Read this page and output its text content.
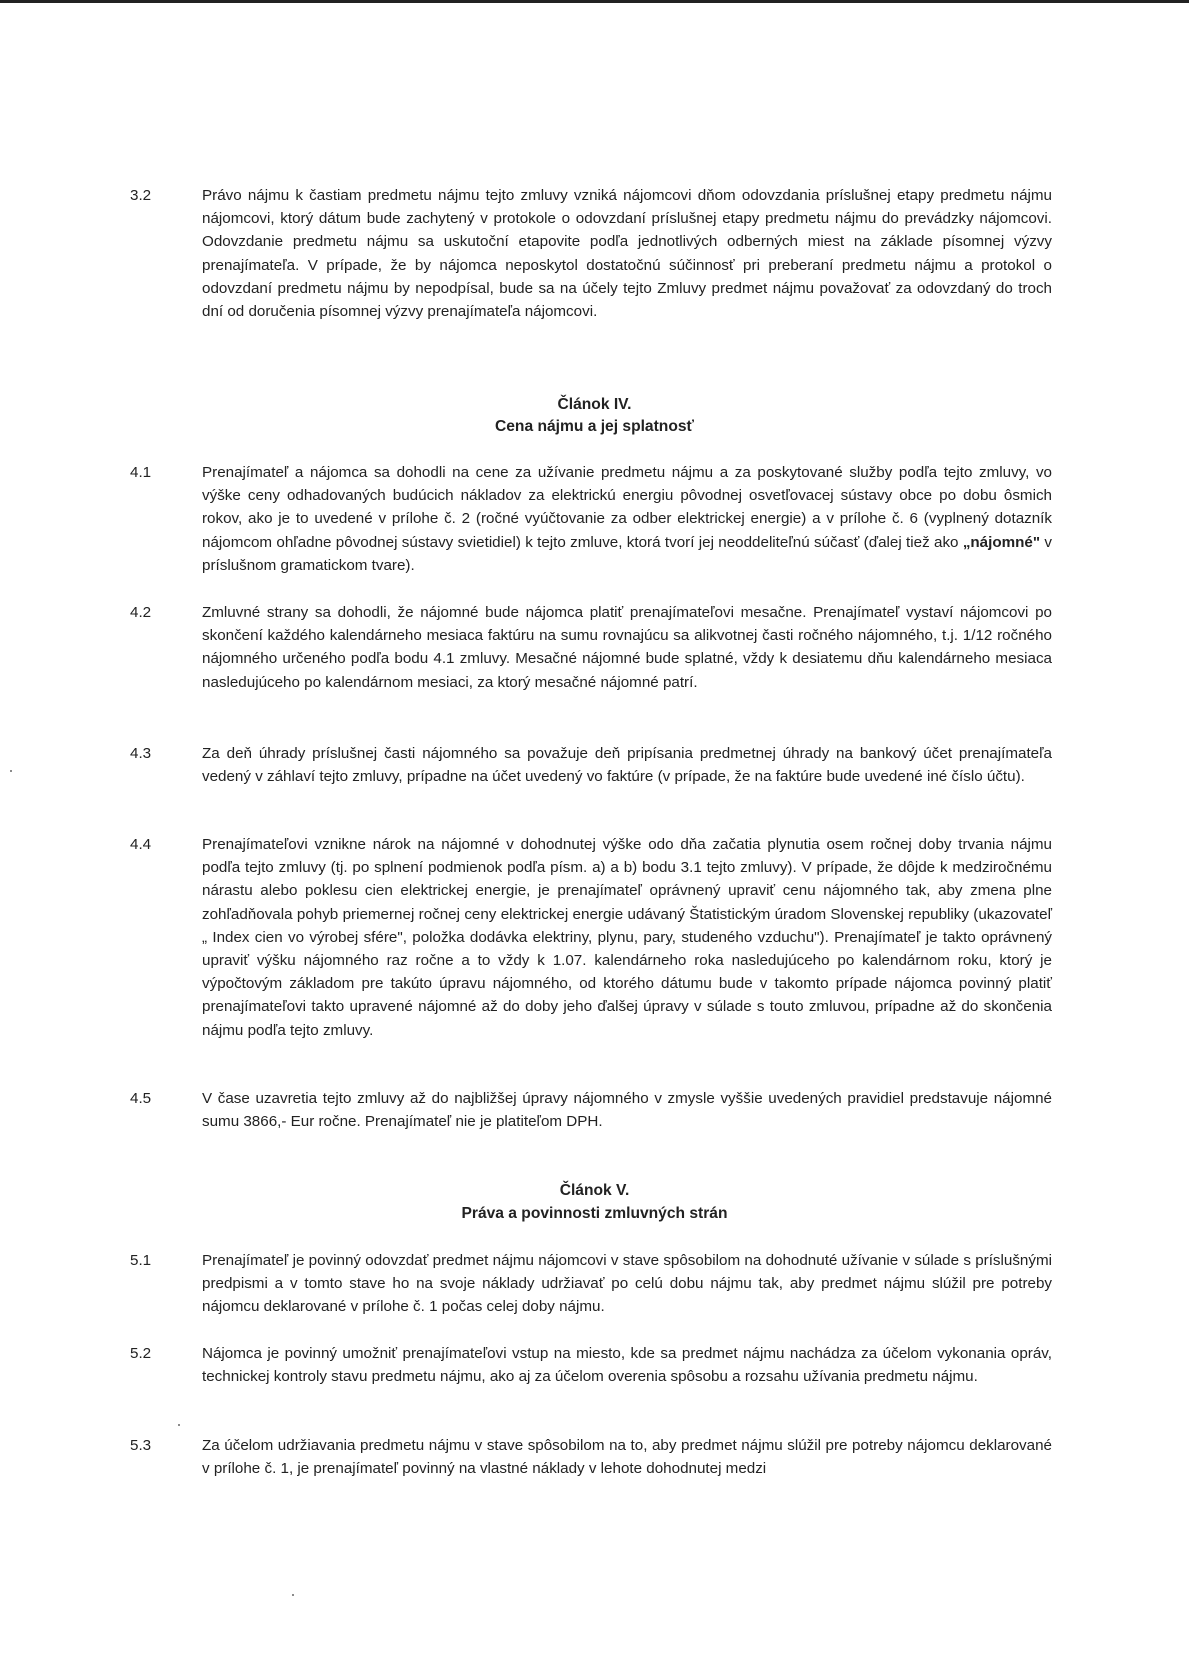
3.2	Právo nájmu k častiam predmetu nájmu tejto zmluvy vzniká nájomcovi dňom odovzdania príslušnej etapy predmetu nájmu nájomcovi, ktorý dátum bude zachytený v protokole o odovzdaní príslušnej etapy predmetu nájmu do prevádzky nájomcovi. Odovzdanie predmetu nájmu sa uskutoční etapovite podľa jednotlivých odberných miest na základe písomnej výzvy prenajímateľa. V prípade, že by nájomca neposkytol dostatočnú súčinnosť pri preberaní predmetu nájmu a protokol o odovzdaní predmetu nájmu by nepodpísal, bude sa na účely tejto Zmluvy predmet nájmu považovať za odovzdaný do troch dní od doručenia písomnej výzvy prenajímateľa nájomcovi.
Článok IV.
Cena nájmu a jej splatnosť
4.1	Prenajímateľ a nájomca sa dohodli na cene za užívanie predmetu nájmu a za poskytované služby podľa tejto zmluvy, vo výške ceny odhadovaných budúcich nákladov za elektrickú energiu pôvodnej osvetľovacej sústavy obce po dobu ôsmich rokov, ako je to uvedené v prílohe č. 2 (ročné vyúčtovanie za odber elektrickej energie) a v prílohe č. 6 (vyplnený dotazník nájomcom ohľadne pôvodnej sústavy svietidiel) k tejto zmluve, ktorá tvorí jej neoddeliteľnú súčasť (ďalej tiež ako „nájomné" v príslušnom gramatickom tvare).
4.2	Zmluvné strany sa dohodli, že nájomné bude nájomca platiť prenajímateľovi mesačne. Prenajímateľ vystaví nájomcovi po skončení každého kalendárneho mesiaca faktúru na sumu rovnajúcu sa alikvotnej časti ročného nájomného, t.j. 1/12 ročného nájomného určeného podľa bodu 4.1 zmluvy. Mesačné nájomné bude splatné, vždy k desiatemu dňu kalendárneho mesiaca nasledujúceho po kalendárnom mesiaci, za ktorý mesačné nájomné patrí.
4.3	Za deň úhrady príslušnej časti nájomného sa považuje deň pripísania predmetnej úhrady na bankový účet prenajímateľa vedený v záhlaví tejto zmluvy, prípadne na účet uvedený vo faktúre (v prípade, že na faktúre bude uvedené iné číslo účtu).
4.4	Prenajímateľovi vznikne nárok na nájomné v dohodnutej výške odo dňa začatia plynutia osem ročnej doby trvania nájmu podľa tejto zmluvy (tj. po splnení podmienok podľa písm. a) a b) bodu 3.1 tejto zmluvy). V prípade, že dôjde k medziročnému nárastu alebo poklesu cien elektrickej energie, je prenajímateľ oprávnený upraviť cenu nájomného tak, aby zmena plne zohľadňovala pohyb priemernej ročnej ceny elektrickej energie udávaný Štatistickým úradom Slovenskej republiky (ukazovateľ „ Index cien vo výrobej sfére", položka dodávka elektriny, plynu, pary, studeného vzduchu"). Prenajímateľ je takto oprávnený upraviť výšku nájomného raz ročne a to vždy k 1.07. kalendárneho roka nasledujúceho po kalendárnom roku, ktorý je výpočtovým základom pre takúto úpravu nájomného, od ktorého dátumu bude v takomto prípade nájomca povinný platiť prenajímateľovi takto upravené nájomné až do doby jeho ďalšej úpravy v súlade s touto zmluvou, prípadne až do skončenia nájmu podľa tejto zmluvy.
4.5	V čase uzavretia tejto zmluvy až do najbližšej úpravy nájomného v zmysle vyššie uvedených pravidiel predstavuje nájomné sumu 3866,- Eur ročne. Prenajímateľ nie je platiteľom DPH.
Článok V.
Práva a povinnosti zmluvných strán
5.1	Prenajímateľ je povinný odovzdať predmet nájmu nájomcovi v stave spôsobilom na dohodnuté užívanie v súlade s príslušnými predpismi a v tomto stave ho na svoje náklady udržiavať po celú dobu nájmu tak, aby predmet nájmu slúžil pre potreby nájomcu deklarované v prílohe č. 1 počas celej doby nájmu.
5.2	Nájomca je povinný umožniť prenajímateľovi vstup na miesto, kde sa predmet nájmu nachádza za účelom vykonania opráv, technickej kontroly stavu predmetu nájmu, ako aj za účelom overenia spôsobu a rozsahu užívania predmetu nájmu.
5.3	Za účelom udržiavania predmetu nájmu v stave spôsobilom na to, aby predmet nájmu slúžil pre potreby nájomcu deklarované v prílohe č. 1, je prenajímateľ povinný na vlastné náklady v lehote dohodnutej medzi
